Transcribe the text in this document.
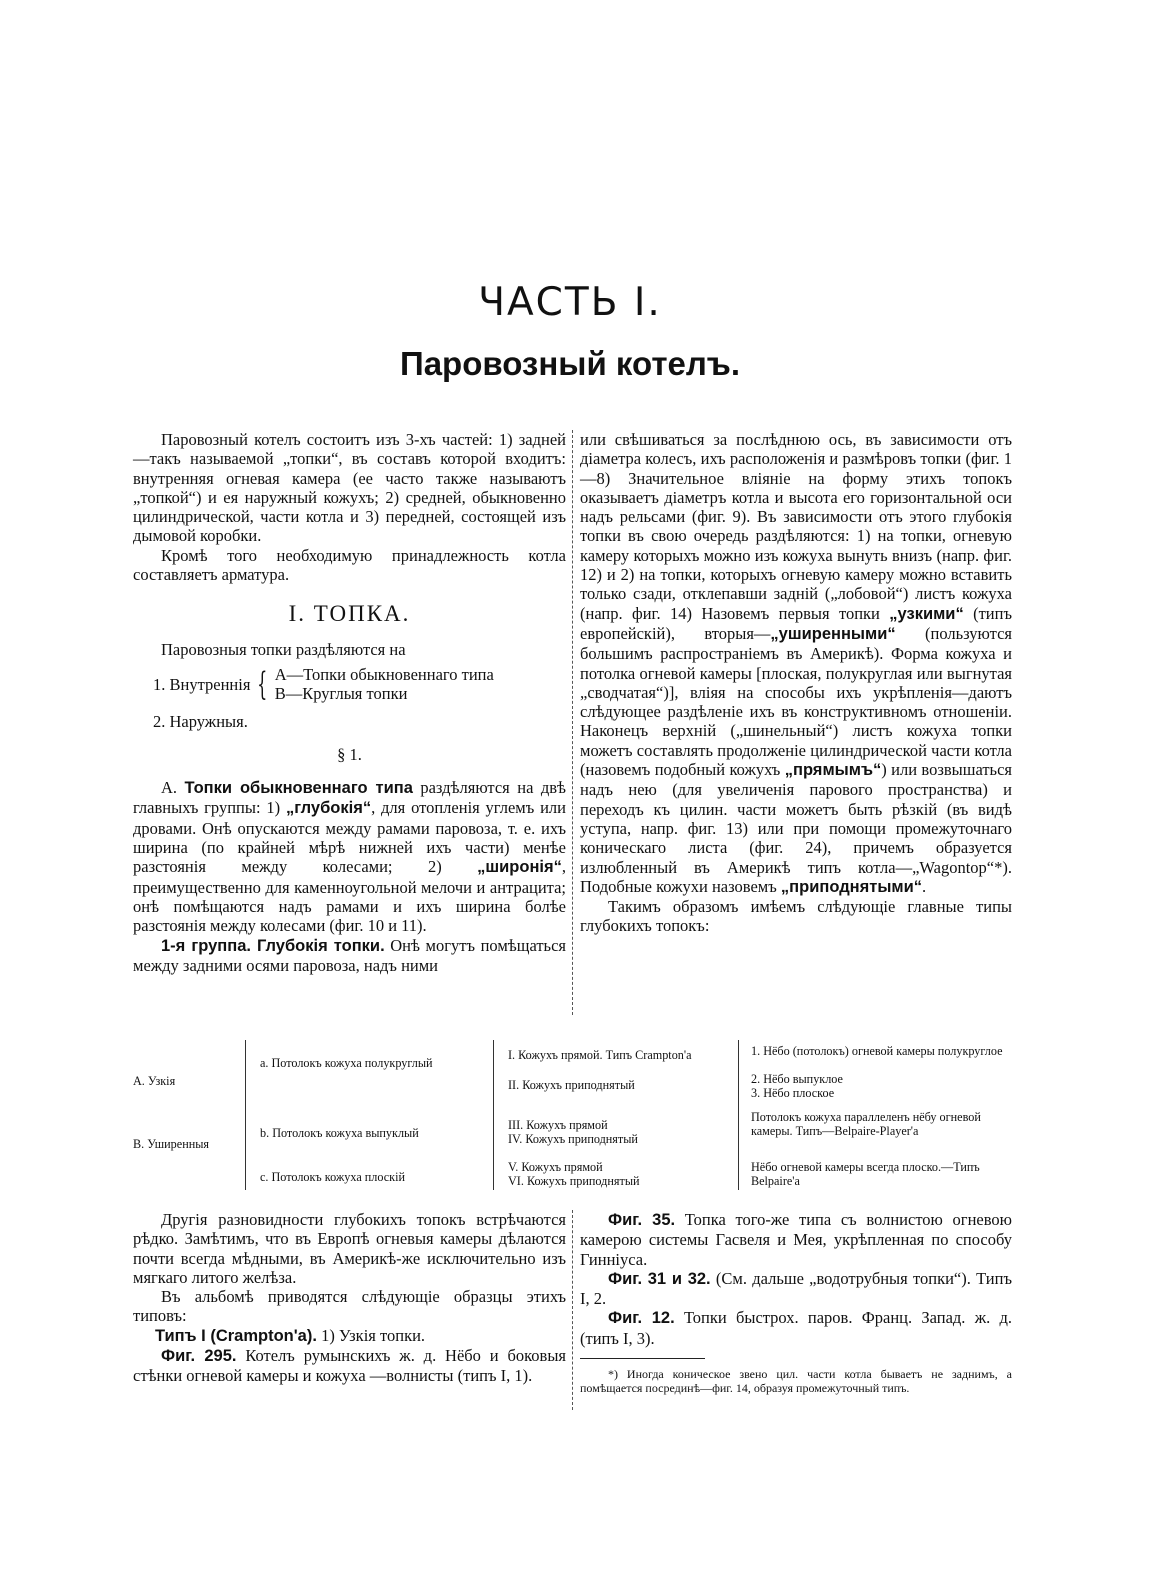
ЧАСТЬ I.
Паровозный котелъ.

Паровозный котелъ состоитъ изъ 3-хъ частей: 1) задней—такъ называемой „топки“, въ составъ которой входитъ: внутренняя огневая камера (ее часто также называютъ „топкой“) и ея наружный кожухъ; 2) средней, обыкновенно цилиндрической, части котла и 3) передней, состоящей изъ дымовой коробки.

Кромѣ того необходимую принадлежность котла составляетъ арматура.

I. ТОПКА.

Паровозныя топки раздѣляются на

1. Внутреннія { A—Топки обыкновеннаго типа
B—Круглыя топки

2. Наружныя.

§ 1.

A. Топки обыкновеннаго типа раздѣляются на двѣ главныхъ группы: 1) „глубокія“, для отопленія углемъ или дровами. Онѣ опускаются между рамами паровоза, т. е. ихъ ширина (по крайней мѣрѣ нижней ихъ части) менѣе разстоянія между колесами; 2) „широнія“, преимущественно для каменноугольной мелочи и антрацита; онѣ помѣщаются надъ рамами и ихъ ширина болѣе разстоянія между колесами (фиг. 10 и 11).

1-я группа. Глубокія топки. Онѣ могутъ помѣщаться между задними осями паровоза, надъ ними

или свѣшиваться за послѣднюю ось, въ зависимости отъ діаметра колесъ, ихъ расположенія и размѣровъ топки (фиг. 1—8) Значительное вліяніе на форму этихъ топокъ оказываетъ діаметръ котла и высота его горизонтальной оси надъ рельсами (фиг. 9). Въ зависимости отъ этого глубокія топки въ свою очередь раздѣляются: 1) на топки, огневую камеру которыхъ можно изъ кожуха вынуть внизъ (напр. фиг. 12) и 2) на топки, которыхъ огневую камеру можно вставить только сзади, отклепавши задній („лобовой“) листъ кожуха (напр. фиг. 14) Назовемъ первыя топки „узкими“ (типъ европейскій), вторыя—„уширенными“ (пользуются большимъ распространіемъ въ Америкѣ). Форма кожуха и потолка огневой камеры [плоская, полукруглая или выгнутая „сводчатая“)], вліяя на способы ихъ укрѣпленія—даютъ слѣдующее раздѣленіе ихъ въ конструктивномъ отношеніи. Наконецъ верхній („шинельный“) листъ кожуха топки можетъ составлять продолженіе цилиндрической части котла (назовемъ подобный кожухъ „прямымъ“) или возвышаться надъ нею (для увеличенія парового пространства) и переходъ къ цилин. части можетъ быть рѣзкій (въ видѣ уступа, напр. фиг. 13) или при помощи промежуточнаго коническаго листа (фиг. 24), причемъ образуется излюбленный въ Америкѣ типъ котла—„Wagontop“*). Подобные кожухи назовемъ „приподнятыми“.

Такимъ образомъ имѣемъ слѣдующіе главные типы глубокихъ топокъ:

А. Узкія
В. Уширенныя
a. Потолокъ кожуха полукруглый
b. Потолокъ кожуха выпуклый
c. Потолокъ кожуха плоскій
I. Кожухъ прямой. Типъ Crampton'a
II. Кожухъ приподнятый
III. Кожухъ прямой
IV. Кожухъ приподнятый
V. Кожухъ прямой
VI. Кожухъ приподнятый
1. Нёбо (потолокъ) огневой камеры полукруглое
2. Нёбо выпуклое
3. Нёбо плоское
Потолокъ кожуха параллеленъ нёбу огневой камеры. Типъ—Belpaire-Player'a
Нёбо огневой камеры всегда плоско.—Типъ Belpaire'a

Другія разновидности глубокихъ топокъ встрѣчаются рѣдко. Замѣтимъ, что въ Европѣ огневыя камеры дѣлаются почти всегда мѣдными, въ Америкѣ-же исключительно изъ мягкаго литого желѣза.

Въ альбомѣ приводятся слѣдующіе образцы этихъ типовъ:

Типъ I (Crampton'a). 1) Узкія топки.

Фиг. 295. Котелъ румынскихъ ж. д. Нёбо и боковыя стѣнки огневой камеры и кожуха —волнисты (типъ I, 1).

Фиг. 35. Топка того-же типа съ волнистою огневою камерою системы Гасвеля и Мея, укрѣпленная по способу Гинніуса.

Фиг. 31 и 32. (См. дальше „водотрубныя топки“). Типъ I, 2.

Фиг. 12. Топки быстрох. паров. Франц. Запад. ж. д. (типъ I, 3).

*) Иногда коническое звено цил. части котла бываетъ не заднимъ, а помѣщается посрединѣ—фиг. 14, образуя промежуточный типъ.
